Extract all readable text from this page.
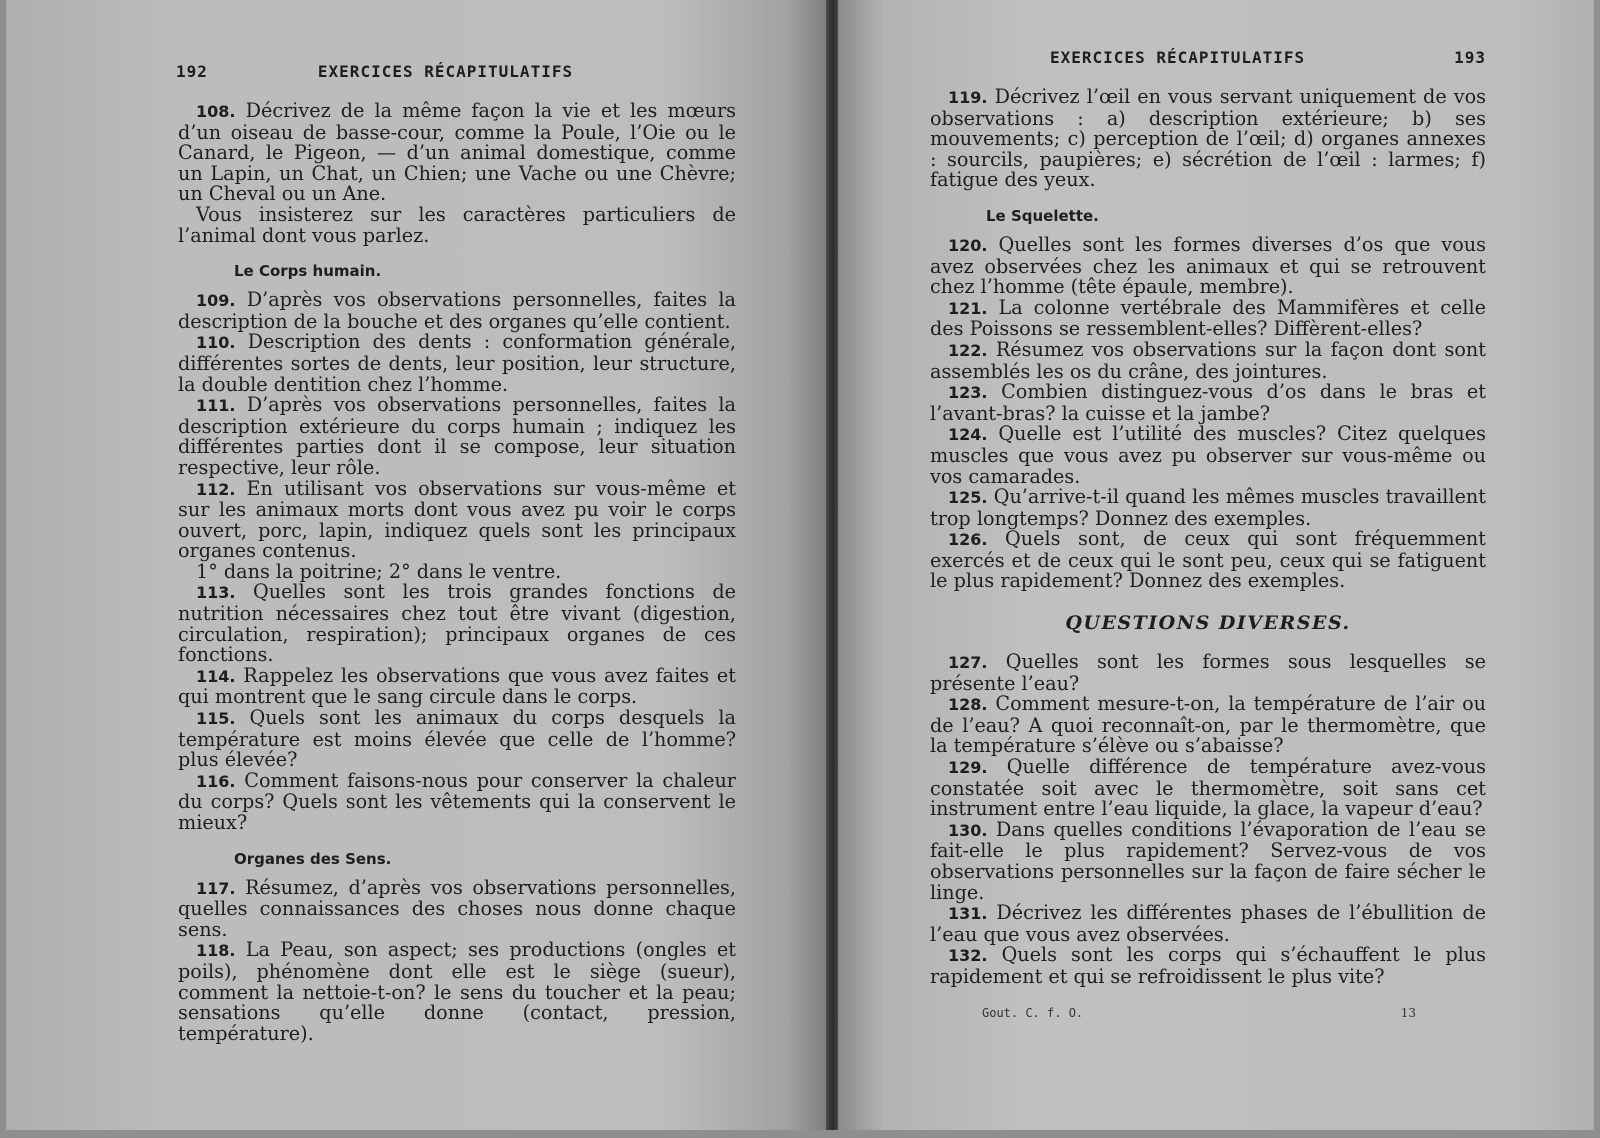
192	EXERCICES RÉCAPITULATIFS

108. Décrivez de la même façon la vie et les mœurs d’un oiseau de basse-cour, comme la Poule, l’Oie ou le Canard, le Pigeon, — d’un animal domestique, comme un Lapin, un Chat, un Chien; une Vache ou une Chèvre; un Cheval ou un Ane.

Vous insisterez sur les caractères particuliers de l’animal dont vous parlez.

Le Corps humain.

109. D’après vos observations personnelles, faites la description de la bouche et des organes qu’elle contient.

110. Description des dents : conformation générale, différentes sortes de dents, leur position, leur structure, la double dentition chez l’homme.

111. D’après vos observations personnelles, faites la description extérieure du corps humain ; indiquez les différentes parties dont il se compose, leur situation respective, leur rôle.

112. En utilisant vos observations sur vous-même et sur les animaux morts dont vous avez pu voir le corps ouvert, porc, lapin, indiquez quels sont les principaux organes contenus.

1° dans la poitrine; 2° dans le ventre.

113. Quelles sont les trois grandes fonctions de nutrition nécessaires chez tout être vivant (digestion, circulation, respiration); principaux organes de ces fonctions.

114. Rappelez les observations que vous avez faites et qui montrent que le sang circule dans le corps.

115. Quels sont les animaux du corps desquels la température est moins élevée que celle de l’homme? plus élevée?

116. Comment faisons-nous pour conserver la chaleur du corps? Quels sont les vêtements qui la conservent le mieux?

Organes des Sens.

117. Résumez, d’après vos observations personnelles, quelles connaissances des choses nous donne chaque sens.

118. La Peau, son aspect; ses productions (ongles et poils), phénomène dont elle est le siège (sueur), comment la nettoie-t-on? le sens du toucher et la peau; sensations qu’elle donne (contact, pression, température).

EXERCICES RÉCAPITULATIFS	193

119. Décrivez l’œil en vous servant uniquement de vos observations : a) description extérieure; b) ses mouvements; c) perception de l’œil; d) organes annexes : sourcils, paupières; e) sécrétion de l’œil : larmes; f) fatigue des yeux.

Le Squelette.

120. Quelles sont les formes diverses d’os que vous avez observées chez les animaux et qui se retrouvent chez l’homme (tête épaule, membre).

121. La colonne vertébrale des Mammifères et celle des Poissons se ressemblent-elles? Diffèrent-elles?

122. Résumez vos observations sur la façon dont sont assemblés les os du crâne, des jointures.

123. Combien distinguez-vous d’os dans le bras et l’avant-bras? la cuisse et la jambe?

124. Quelle est l’utilité des muscles? Citez quelques muscles que vous avez pu observer sur vous-même ou vos camarades.

125. Qu’arrive-t-il quand les mêmes muscles travaillent trop longtemps? Donnez des exemples.

126. Quels sont, de ceux qui sont fréquemment exercés et de ceux qui le sont peu, ceux qui se fatiguent le plus rapidement? Donnez des exemples.

QUESTIONS DIVERSES.

127. Quelles sont les formes sous lesquelles se présente l’eau?

128. Comment mesure-t-on, la température de l’air ou de l’eau? A quoi reconnaît-on, par le thermomètre, que la température s’élève ou s’abaisse?

129. Quelle différence de température avez-vous constatée soit avec le thermomètre, soit sans cet instrument entre l’eau liquide, la glace, la vapeur d’eau?

130. Dans quelles conditions l’évaporation de l’eau se fait-elle le plus rapidement? Servez-vous de vos observations personnelles sur la façon de faire sécher le linge.

131. Décrivez les différentes phases de l’ébullition de l’eau que vous avez observées.

132. Quels sont les corps qui s’échauffent le plus rapidement et qui se refroidissent le plus vite?

Gout. C. f. O.	13
